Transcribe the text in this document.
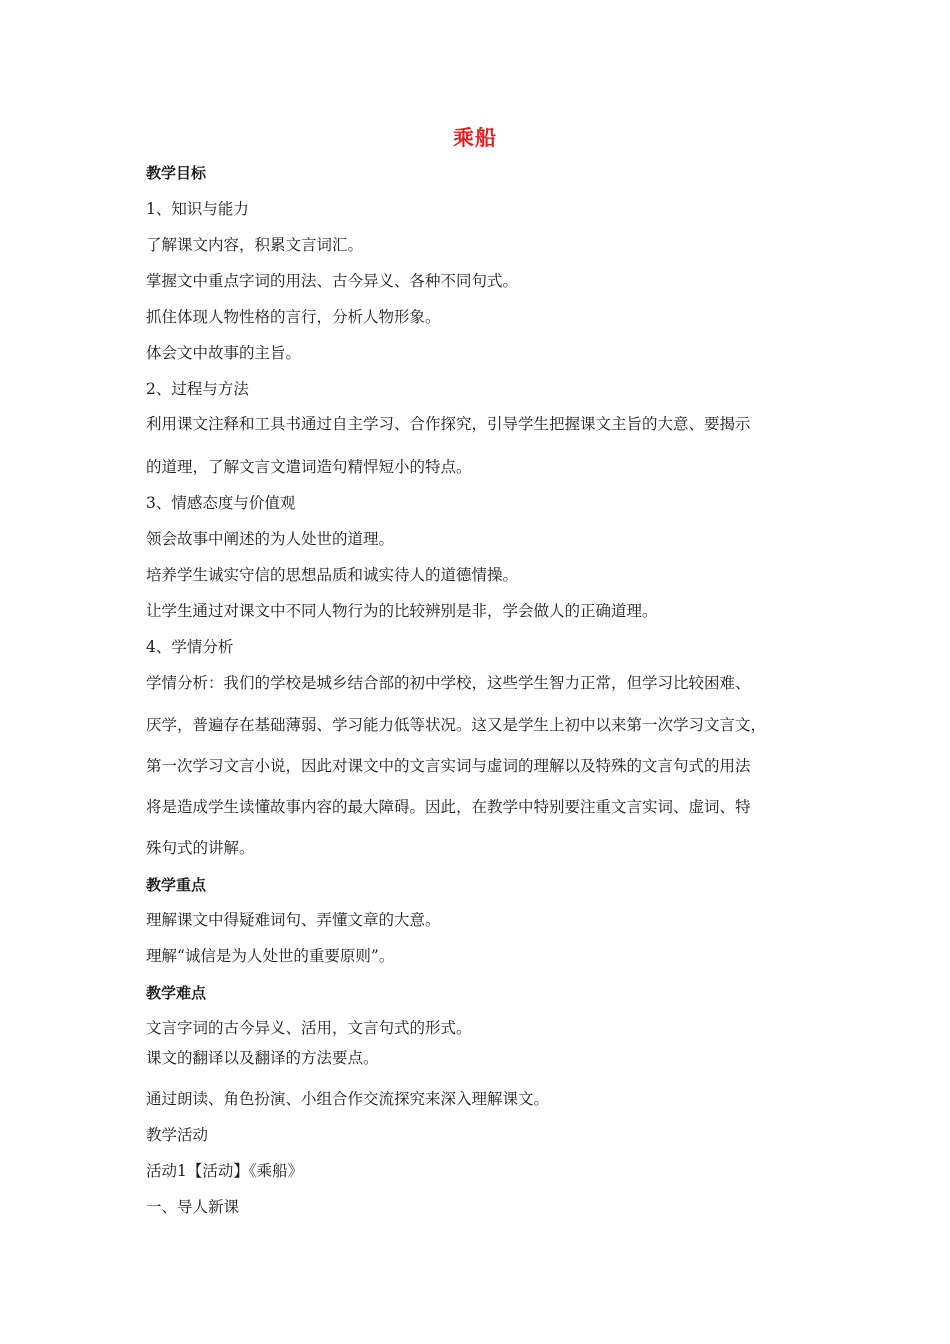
乘船
教学目标
1、知识与能力
了解课文内容，积累文言词汇。
掌握文中重点字词的用法、古今异义、各种不同句式。
抓住体现人物性格的言行，分析人物形象。
体会文中故事的主旨。
2、过程与方法
利用课文注释和工具书通过自主学习、合作探究，引导学生把握课文主旨的大意、要揭示
的道理，了解文言文遣词造句精悍短小的特点。
3、情感态度与价值观
领会故事中阐述的为人处世的道理。
培养学生诚实守信的思想品质和诚实待人的道德情操。
让学生通过对课文中不同人物行为的比较辨别是非，学会做人的正确道理。
4、学情分析
学情分析：我们的学校是城乡结合部的初中学校，这些学生智力正常，但学习比较困难、
厌学，普遍存在基础薄弱、学习能力低等状况。这又是学生上初中以来第一次学习文言文，
第一次学习文言小说，因此对课文中的文言实词与虚词的理解以及特殊的文言句式的用法
将是造成学生读懂故事内容的最大障碍。因此，在教学中特别要注重文言实词、虚词、特
殊句式的讲解。
教学重点
理解课文中得疑难词句、弄懂文章的大意。
理解“诚信是为人处世的重要原则”。
教学难点
文言字词的古今异义、活用，文言句式的形式。
课文的翻译以及翻译的方法要点。
通过朗读、角色扮演、小组合作交流探究来深入理解课文。
教学活动
活动1【活动】《乘船》
一、导人新课
